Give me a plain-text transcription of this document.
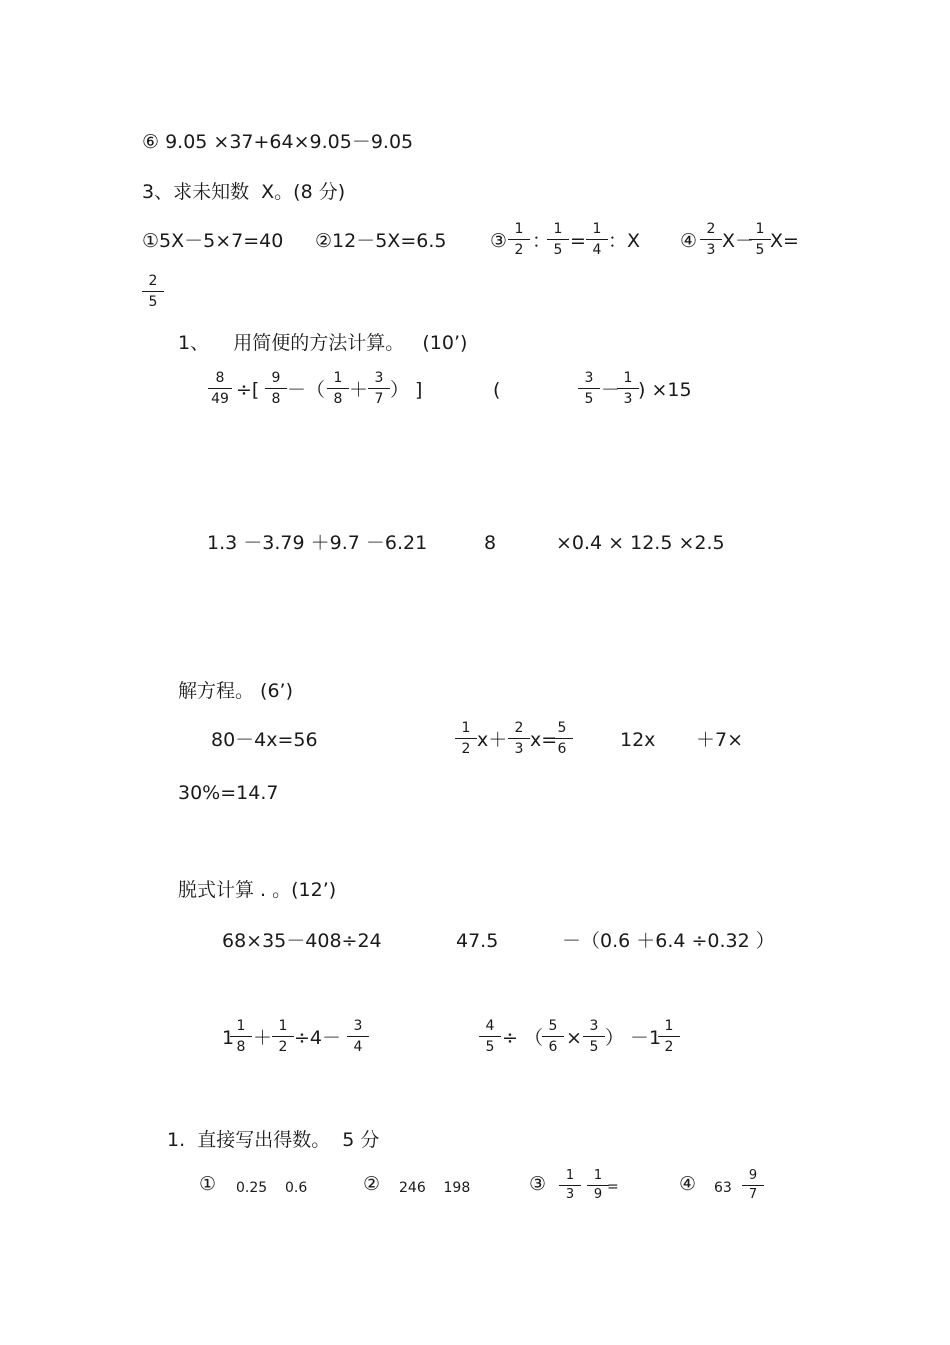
⑥ 9.05 ×37+64×9.05－9.05
3、求未知数  X。(8 分)
①5X－5×7=40 ②12－5X=6.5 ③
1
2 ：
1
5 =
1
4 ：X ④
2
3 X－
1
5 X=
2
5
1、    用简便的方法计算。   (10’)
8
49 ÷[
9
8 －（
1
8 ＋
3
7 ） ]	(
3
5 －
1
3 ) ×15
1.3 －3.79 ＋9.7 －6.21	8	×0.4 × 12.5 ×2.5
解方程。 (6’)
80－4x=56
1
2 x＋
2
3 x=
5
6	12x ＋7×
30%=14.7
脱式计算 . 。(12’)
68×35－408÷24	47.5	－（0.6 ＋6.4 ÷0.32 ）
1
1
8 ＋
1
2 ÷4－
3
4
4
5 ÷ （
5
6 ×
3
5 ） －1
1
2
1.  直接写出得数。  5 分
① 0.25    0.6	② 246    198	③	1
3
1
9 =	④ 63
9
7
